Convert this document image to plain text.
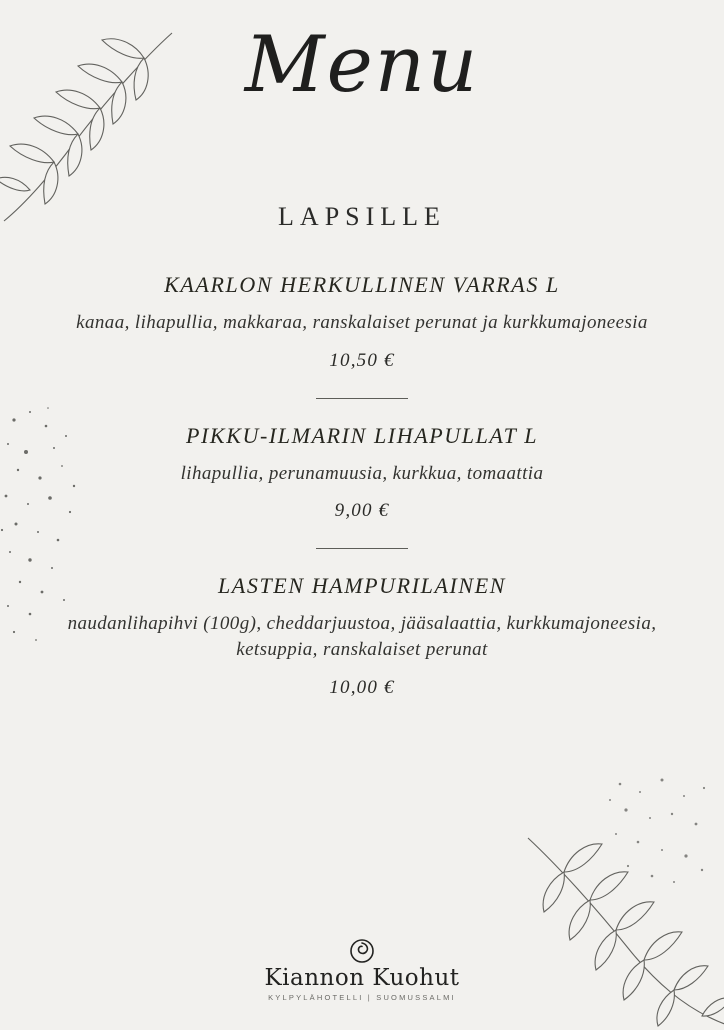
Menu
LAPSILLE
KAARLON HERKULLINEN VARRAS L
kanaa, lihapullia, makkaraa, ranskalaiset perunat ja kurkkumajoneesia
10,50 €
PIKKU-ILMARIN LIHAPULLAT L
lihapullia, perunamuusia, kurkkua, tomaattia
9,00 €
LASTEN HAMPURILAINEN
naudanlihapihvi (100g), cheddarjuustoa, jääsalaattia, kurkkumajoneesia, ketsuppia, ranskalaiset perunat
10,00 €
Kiannon Kuohut
KYLPYLÄHOTELLI | SUOMUSSALMI
